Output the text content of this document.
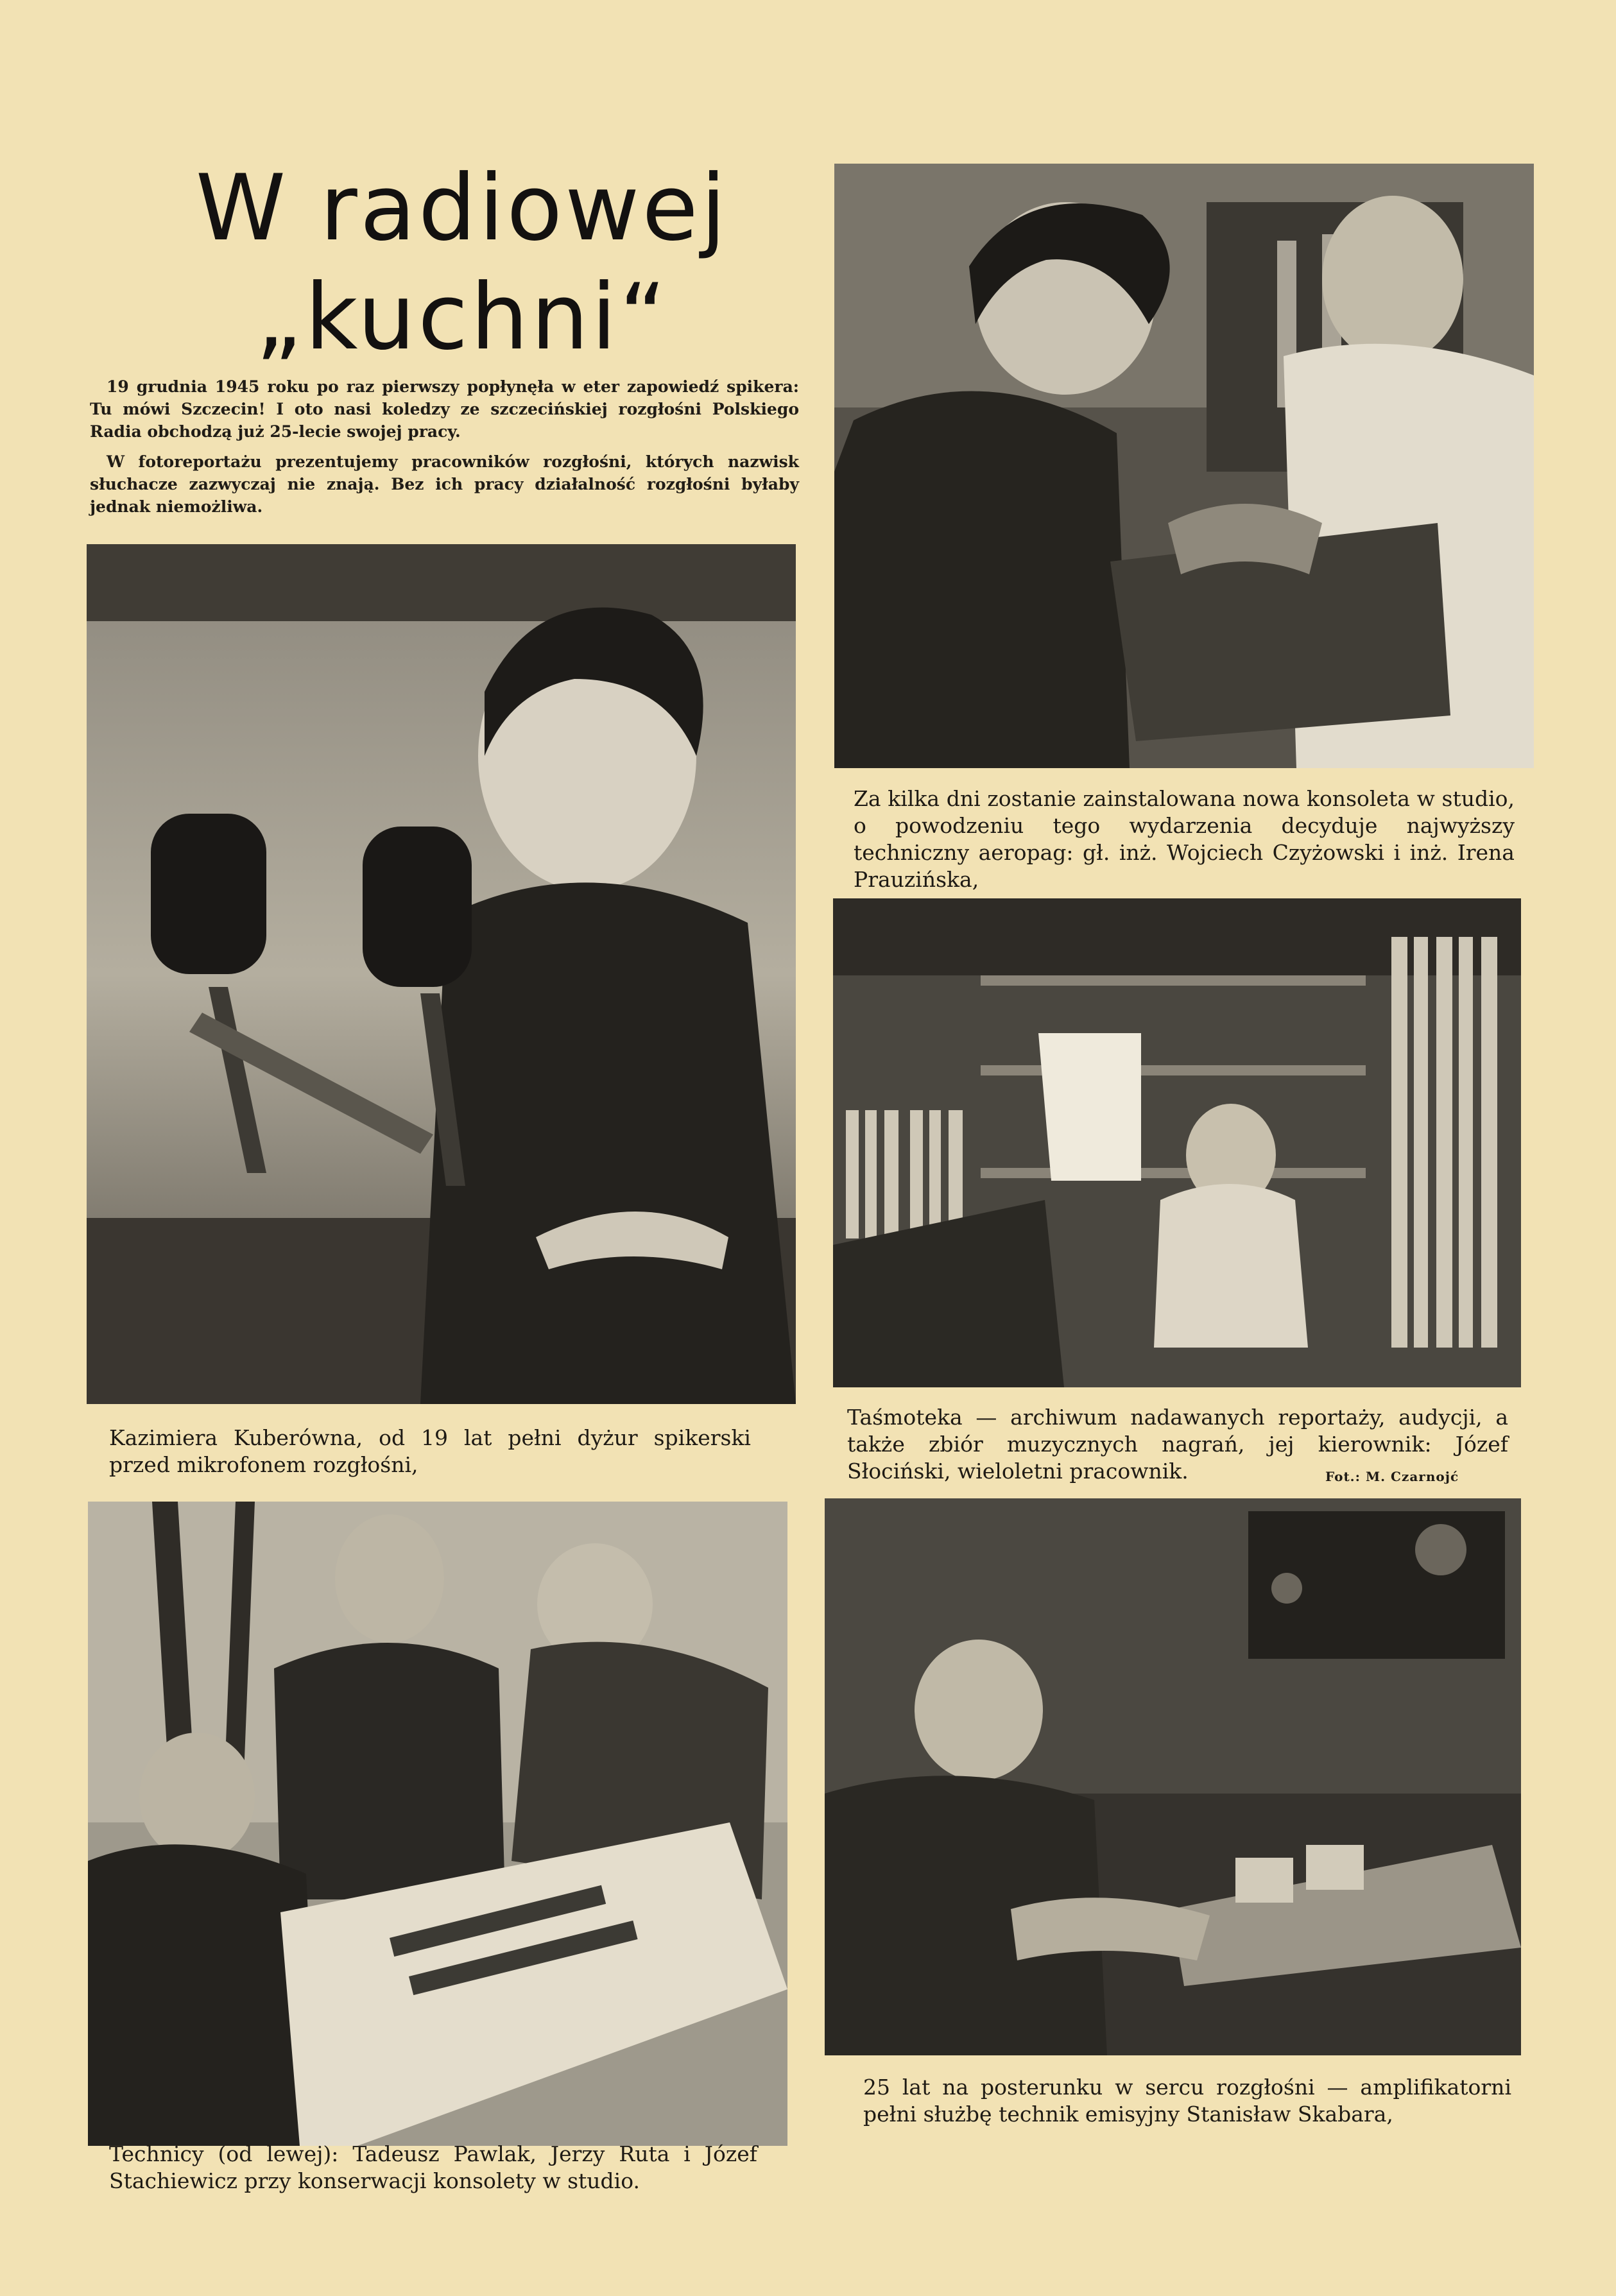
W radiowej
„kuchni“

19 grudnia 1945 roku po raz pierwszy popłynęła w eter zapowiedź spikera: Tu mówi Szczecin! I oto nasi koledzy ze szczecińskiej rozgłośni Polskiego Radia obchodzą już 25-lecie swojej pracy.

W fotoreportażu prezentujemy pracowników rozgłośni, których nazwisk słuchacze zazwyczaj nie znają. Bez ich pracy działalność rozgłośni byłaby jednak niemożliwa.

Kazimiera Kuberówna, od 19 lat pełni dyżur spikerski przed mikrofonem rozgłośni,
Za kilka dni zostanie zainstalowana nowa konsoleta w studio, o powodzeniu tego wydarzenia decyduje najwyższy techniczny aeropag: gł. inż. Wojciech Czyżowski i inż. Irena Prauzińska,
Taśmoteka — archiwum nadawanych reportaży, audycji, a także zbiór muzycznych nagrań, jej kierownik: Józef Słociński, wieloletni pracownik.	Fot.: M. Czarnojć
Technicy (od lewej): Tadeusz Pawlak, Jerzy Ruta i Józef Stachiewicz przy konserwacji konsolety w studio.
25 lat na posterunku w sercu rozgłośni — amplifikatorni pełni służbę technik emisyjny Stanisław Skabara,
